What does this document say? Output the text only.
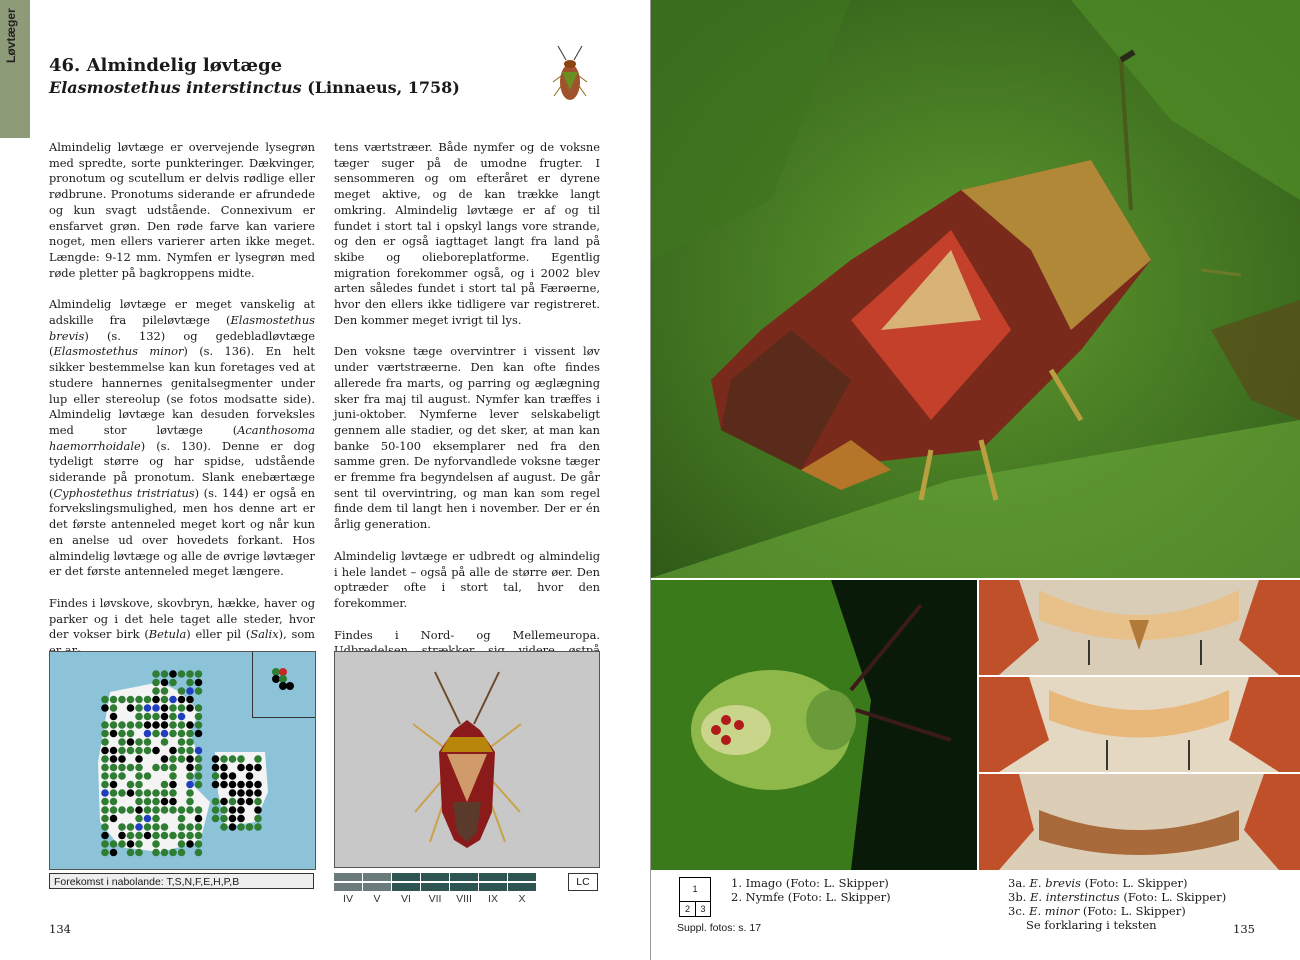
Løvtæger
46. Almindelig løvtæge
Elasmostethus interstinctus (Linnaeus, 1758)

Almindelig løvtæge er overvejende lysegrøn med spredte, sorte punkteringer. Dækvinger, pronotum og scutellum er delvis rødlige eller rødbrune. Pronotums siderande er afrundede og kun svagt udstående. Connexivum er ensfarvet grøn. Den røde farve kan variere noget, men ellers varierer arten ikke meget. Længde: 9-12 mm. Nymfen er lysegrøn med røde pletter på bagkroppens midte.

Almindelig løvtæge er meget vanskelig at adskille fra pileløvtæge (Elasmostethus brevis) (s. 132) og gedebladløvtæge (Elasmostethus minor) (s. 136). En helt sikker bestemmelse kan kun foretages ved at studere hannernes genitalsegmenter under lup eller stereolup (se fotos modsatte side). Almindelig løvtæge kan desuden forveksles med stor løvtæge (Acanthosoma haemorrhoidale) (s. 130). Denne er dog tydeligt større og har spidse, udstående siderande på pronotum. Slank enebærtæge (Cyphostethus tristriatus) (s. 144) er også en forvekslingsmulighed, men hos denne art er det første antenneled meget kort og når kun en anelse ud over hovedets forkant. Hos almindelig løvtæge og alle de øvrige løvtæger er det første antenneled meget længere.

Findes i løvskove, skovbryn, hække, haver og parker og i det hele taget alle steder, hvor der vokser birk (Betula) eller pil (Salix), som

tens værtstræer. Både nymfer og de voksne tæger suger på de umodne frugter. I sensommeren og om efteråret er dyrene meget aktive, og de kan trække langt omkring. Almindelig løvtæge er af og til fundet i stort tal i opskyl langs vore strande, og den er også iagttaget langt fra land på skibe og olieboreplatforme. Egentlig migration forekommer også, og i 2002 blev arten således fundet i stort tal på Færøerne, hvor den ellers ikke tidligere var registreret. Den kommer meget ivrigt til lys.

Den voksne tæge overvintrer i vissent løv under værtstræerne. Den kan ofte findes allerede fra marts, og parring og æglægning sker fra maj til august. Nymfer kan træffes i juni-oktober. Nymferne lever selskabeligt gennem alle stadier, og det sker, at man kan banke 50-100 eksemplarer ned fra den samme gren. De nyforvandlede voksne tæger er fremme fra begyndelsen af august. De går sent til overvintring, og man kan som regel finde dem til langt hen i november. Der er én årlig generation.

Almindelig løvtæge er udbredt og almindelig i hele landet – også på alle de større øer. Den optræder ofte i stort tal, hvor den forekommer.

Findes i Nord- og Mellemeuropa.

Forekomst i nabolande: T,S,N,F,E,H,P,B
IV	V	VI	VII	VIII	IX	X
LC
134
1
2	3
1. Imago (Foto: L. Skipper)
2. Nymfe (Foto: L. Skipper)
3a. E. brevis (Foto: L. Skipper)
3b. E. interstinctus (Foto: L. Skipper)
3c. E. minor (Foto: L. Skipper)
Se forklaring i teksten
Suppl. fotos: s. 17	135
